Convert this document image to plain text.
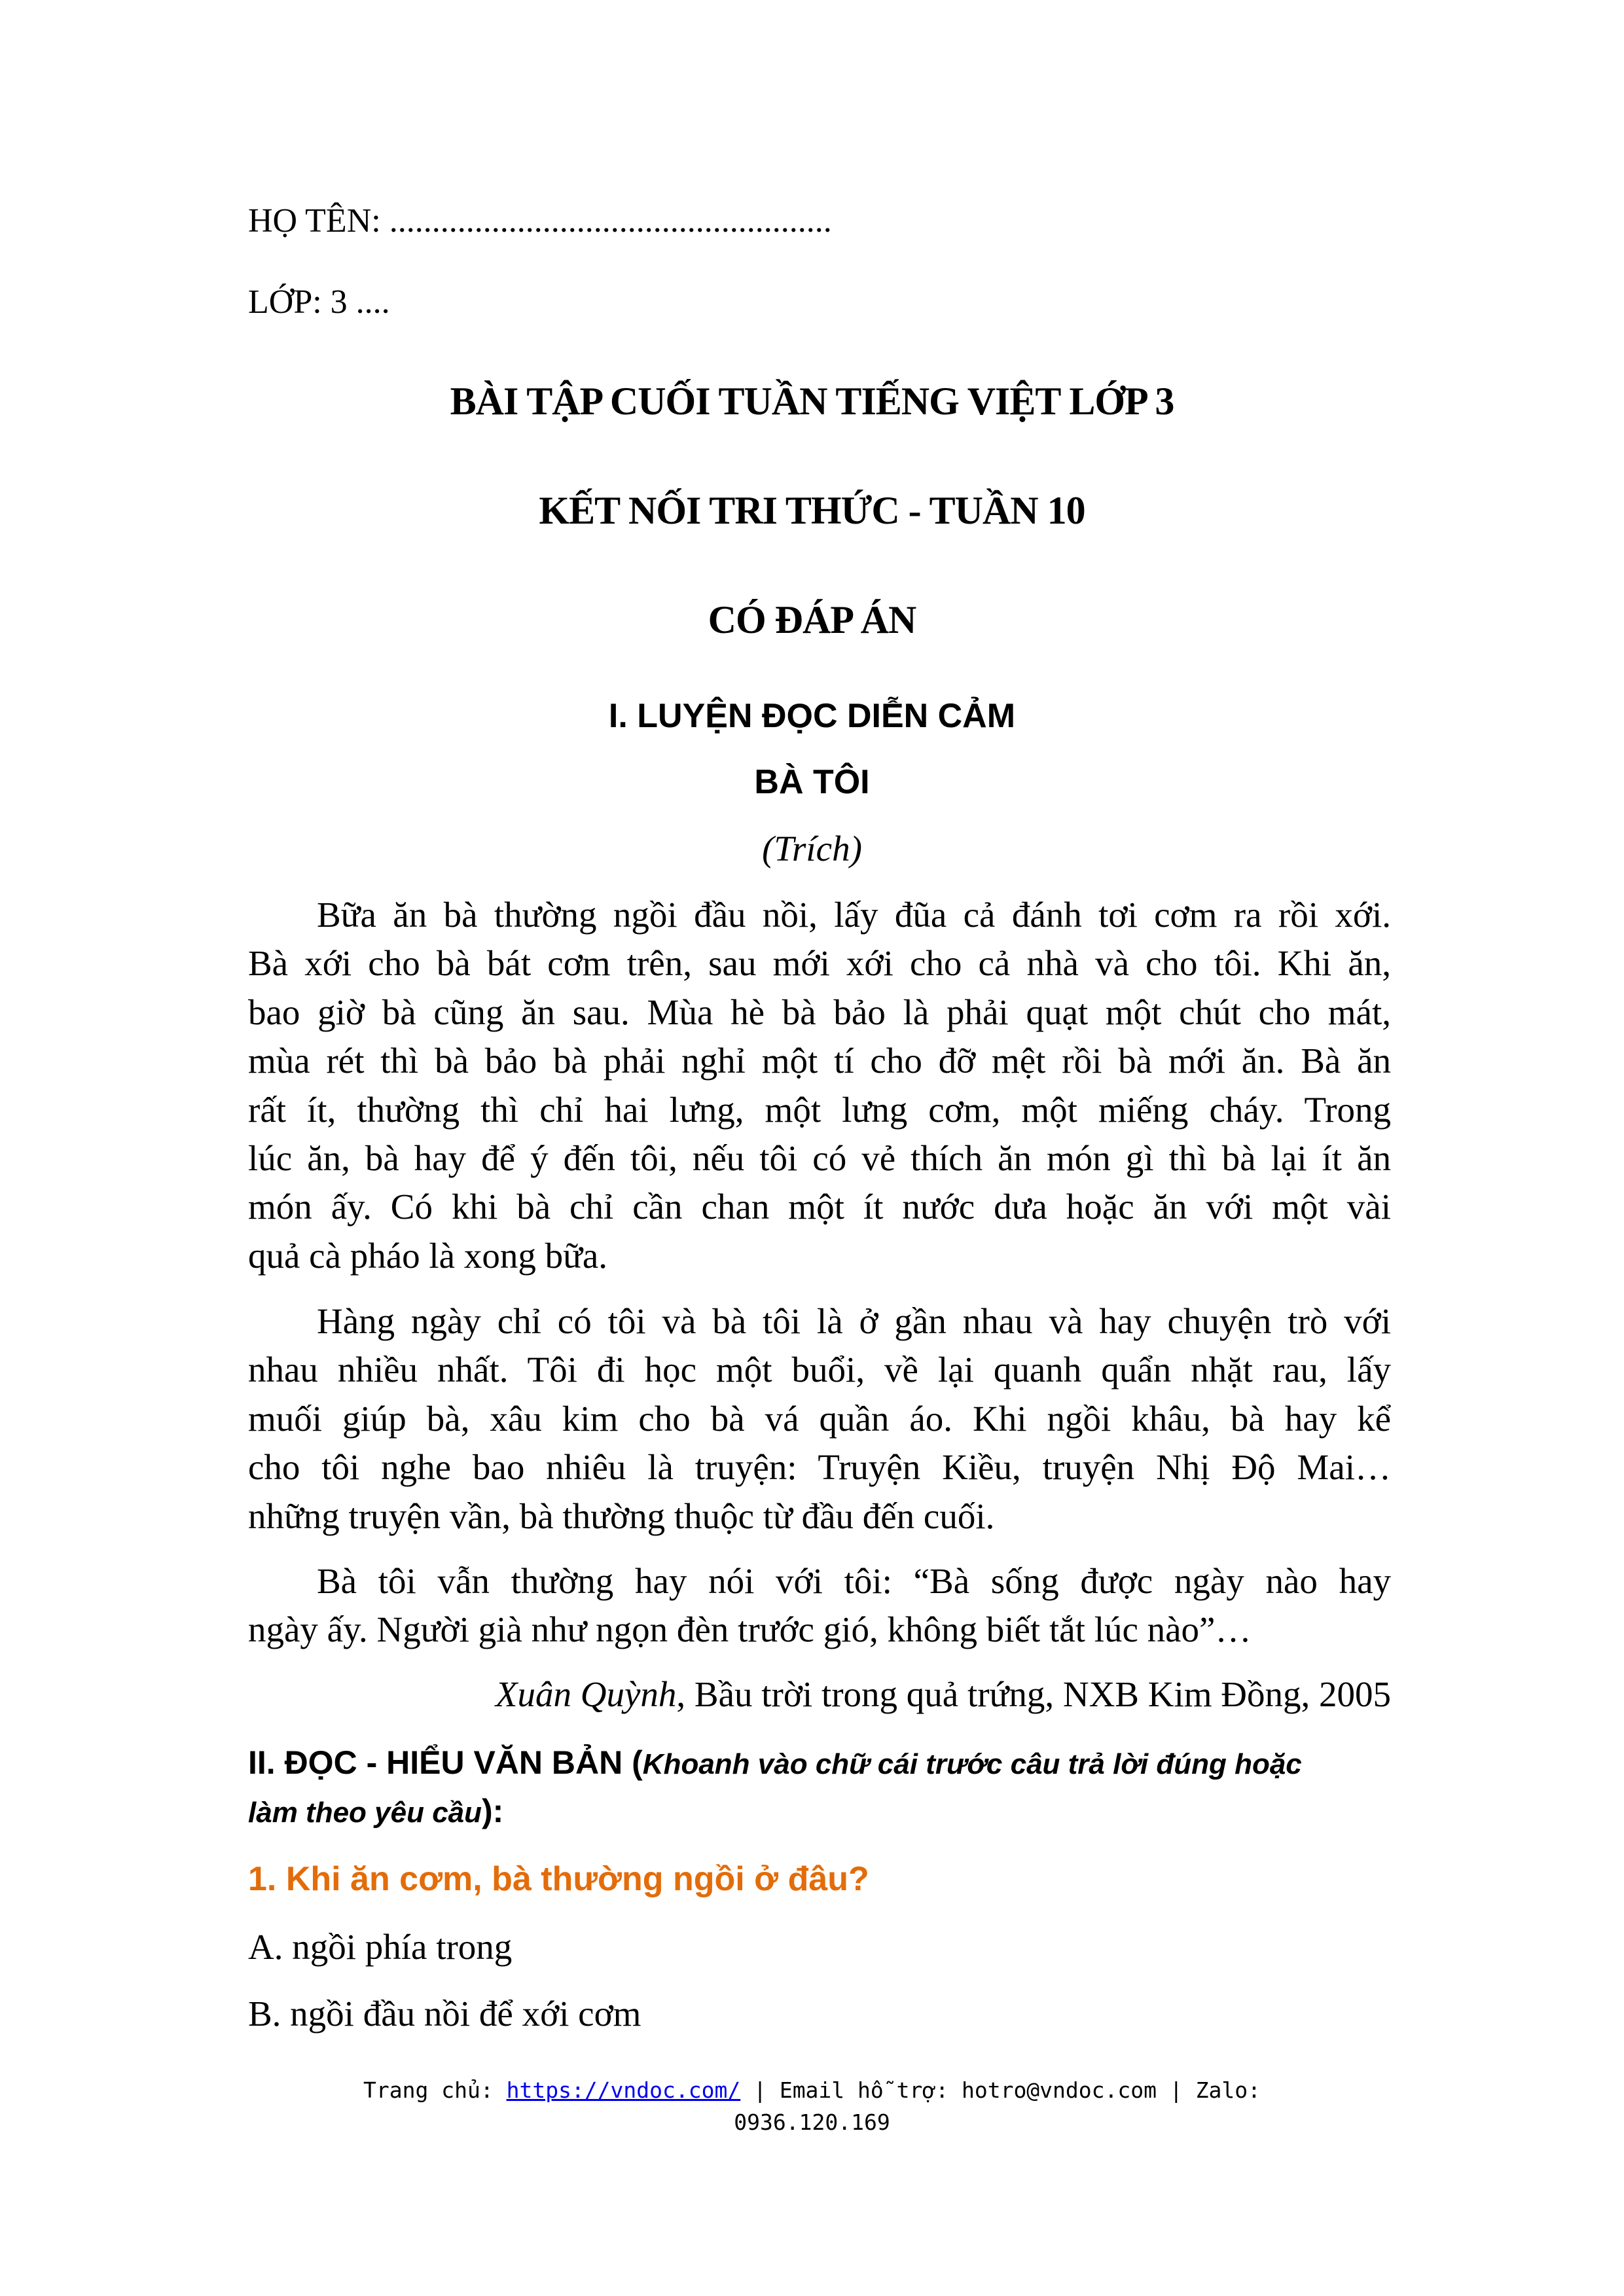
HỌ TÊN: ....................................................
LỚP: 3 ....
BÀI TẬP CUỐI TUẦN TIẾNG VIỆT LỚP 3
KẾT NỐI TRI THỨC - TUẦN 10
CÓ ĐÁP ÁN
I. LUYỆN ĐỌC DIỄN CẢM
BÀ TÔI
(Trích)
Bữa ăn bà thường ngồi đầu nồi, lấy đũa cả đánh tơi cơm ra rồi xới.
Bà xới cho bà bát cơm trên, sau mới xới cho cả nhà và cho tôi. Khi ăn,
bao giờ bà cũng ăn sau. Mùa hè bà bảo là phải quạt một chút cho mát,
mùa rét thì bà bảo bà phải nghỉ một tí cho đỡ mệt rồi bà mới ăn. Bà ăn
rất ít, thường thì chỉ hai lưng, một lưng cơm, một miếng cháy. Trong
lúc ăn, bà hay để ý đến tôi, nếu tôi có vẻ thích ăn món gì thì bà lại ít ăn
món ấy. Có khi bà chỉ cần chan một ít nước dưa hoặc ăn với một vài
quả cà pháo là xong bữa.
Hàng ngày chỉ có tôi và bà tôi là ở gần nhau và hay chuyện trò với
nhau nhiều nhất. Tôi đi học một buổi, về lại quanh quẩn nhặt rau, lấy
muối giúp bà, xâu kim cho bà vá quần áo. Khi ngồi khâu, bà hay kể
cho tôi nghe bao nhiêu là truyện: Truyện Kiều, truyện Nhị Độ Mai…
những truyện vần, bà thường thuộc từ đầu đến cuối.
Bà tôi vẫn thường hay nói với tôi: “Bà sống được ngày nào hay
ngày ấy. Người già như ngọn đèn trước gió, không biết tắt lúc nào”…
Xuân Quỳnh, Bầu trời trong quả trứng, NXB Kim Đồng, 2005
II. ĐỌC - HIỂU VĂN BẢN (Khoanh vào chữ cái trước câu trả lời đúng hoặc
làm theo yêu cầu):
1. Khi ăn cơm, bà thường ngồi ở đâu?
A. ngồi phía trong
B. ngồi đầu nồi để xới cơm
Trang chủ: https://vndoc.com/ | Email hỗ trợ: hotro@vndoc.com | Zalo:
0936.120.169
